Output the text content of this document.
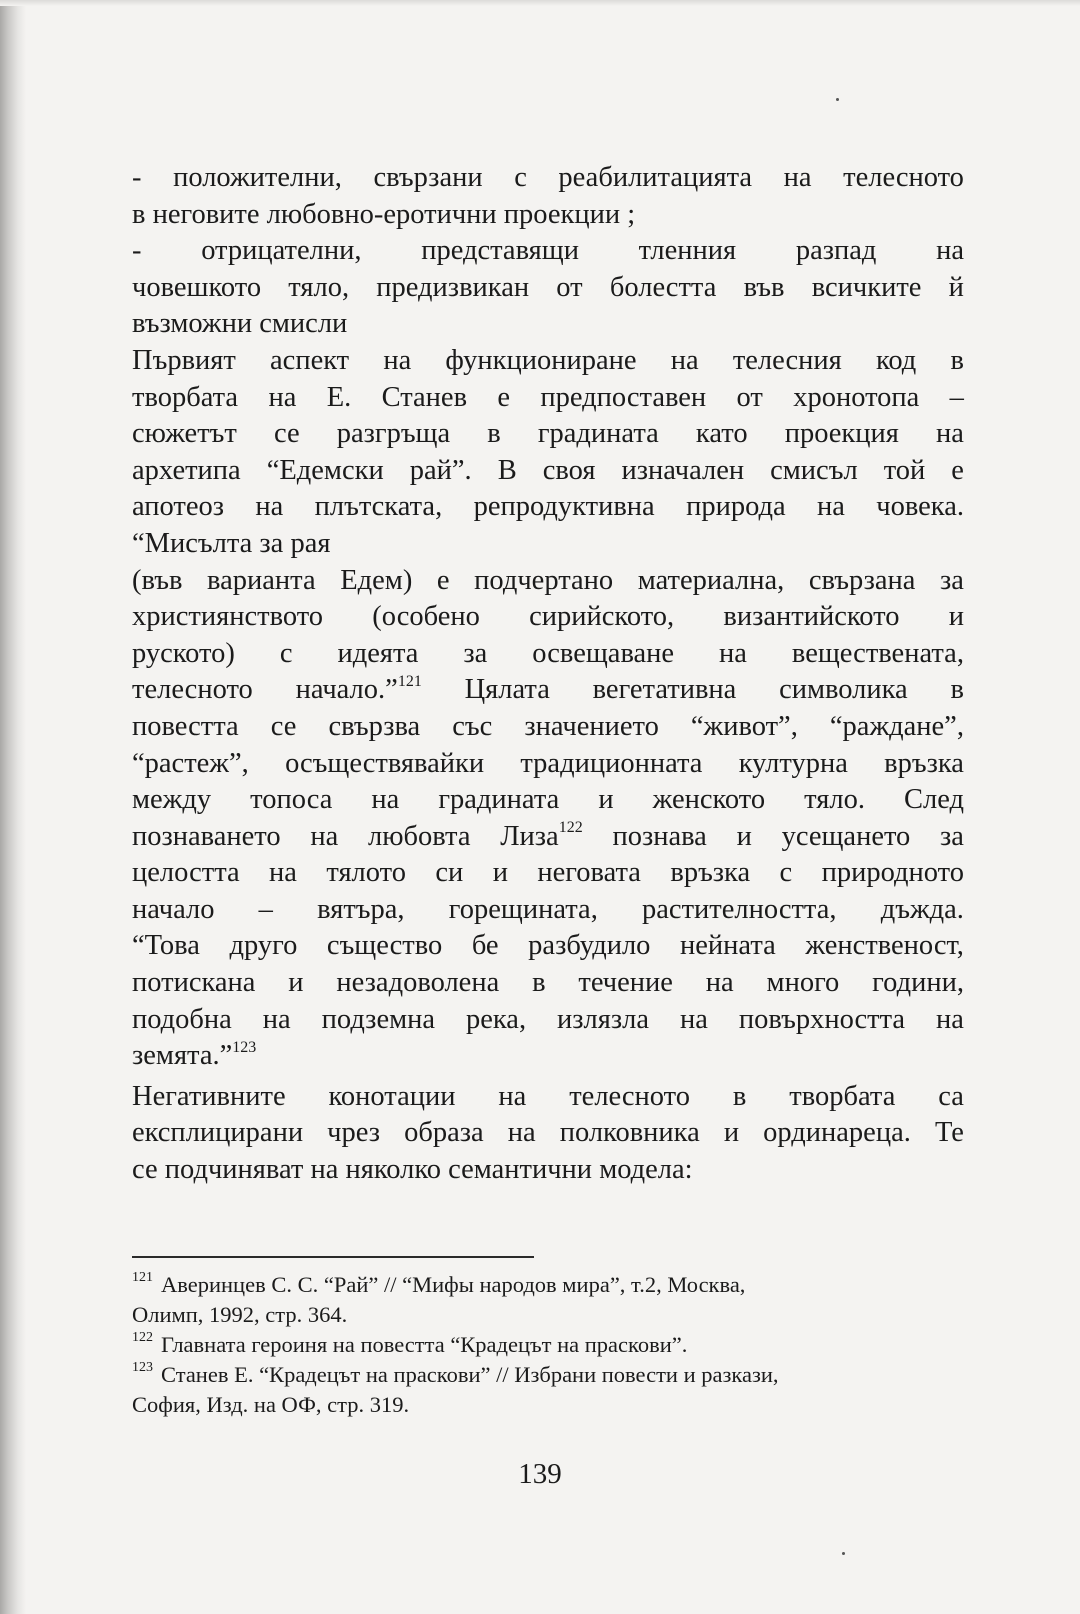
- положителни, свързани с реабилитацията на телесното
в неговите любовно-еротични проекции ;
- отрицателни, представящи тленния разпад на
човешкото тяло, предизвикан от болестта във всичките й
възможни смисли
Първият аспект на функциониране на телесния код в
творбата на Е. Станев е предпоставен от хронотопа –
сюжетът се разгръща в градината като проекция на
архетипа “Едемски рай”. В своя изначален смисъл той е
апотеоз на плътската, репродуктивна природа на човека.
“Мисълта за рая
(във варианта Едем) е подчертано материална, свързана за
християнството (особено сирийското, византийското и
руското) с идеята за освещаване на веществената,
телесното начало.”$^{121}$ Цялата вегетативна символика в
повестта се свързва със значението “живот”, “раждане”,
“растеж”, осъществявайки традиционната културна връзка
между топоса на градината и женското тяло. След
познаването на любовта Лиза$^{122}$ познава и усещането за
целостта на тялото си и неговата връзка с природното
начало – вятъра, горещината, растителността, дъжда.
“Това друго същество бе разбудило нейната женственост,
потискана и незадоволена в течение на много години,
подобна на подземна река, излязла на повърхността на
земята.”$^{123}$
Негативните конотации на телесното в творбата са
експлицирани чрез образа на полковника и ординареца. Те
се подчиняват на няколко семантични модела:
$^{121}$ Аверинцев С. С. “Рай” // “Мифы народов мира”, т.2, Москва,
Олимп, 1992, стр. 364.
$^{122}$ Главната героиня на повестта “Крадецът на праскови”.
$^{123}$ Станев Е. “Крадецът на праскови” // Избрани повести и разкази,
София, Изд. на ОФ, стр. 319.
139
